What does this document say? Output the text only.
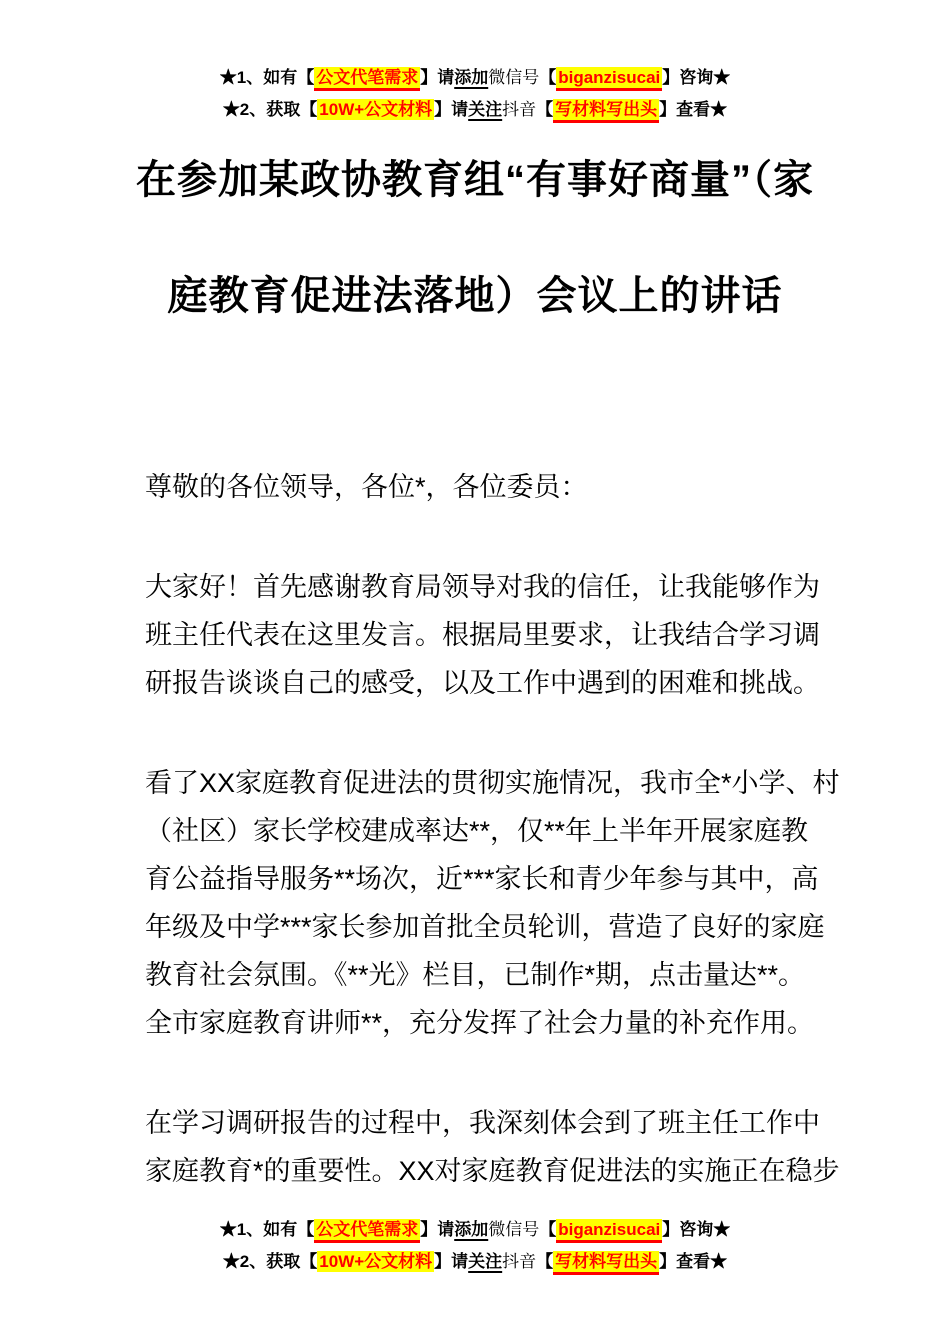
★1、如有【 公文代笔需求 】请添加微信号【 biganzisucai 】咨询★
★2、获取【 10W+公文材料 】请关注抖音【 写材料写出头 】查看★
在参加某政协教育组“有事好商量”（家
庭教育促进法落地）会议上的讲话
尊敬的各位领导，各位*，各位委员：
大家好！首先感谢教育局领导对我的信任，让我能够作为
班主任代表在这里发言。根据局里要求，让我结合学习调
研报告谈谈自己的感受，以及工作中遇到的困难和挑战。
看了XX家庭教育促进法的贯彻实施情况，我市全*小学、村
（社区）家长学校建成率达**，仅**年上半年开展家庭教
育公益指导服务**场次，近***家长和青少年参与其中，高
年级及中学***家长参加首批全员轮训，营造了良好的家庭
教育社会氛围。《**光》栏目，已制作*期，点击量达**。
全市家庭教育讲师**，充分发挥了社会力量的补充作用。
在学习调研报告的过程中，我深刻体会到了班主任工作中
家庭教育*的重要性。XX对家庭教育促进法的实施正在稳步
★1、如有【 公文代笔需求 】请添加微信号【 biganzisucai 】咨询★
★2、获取【 10W+公文材料 】请关注抖音【 写材料写出头 】查看★
